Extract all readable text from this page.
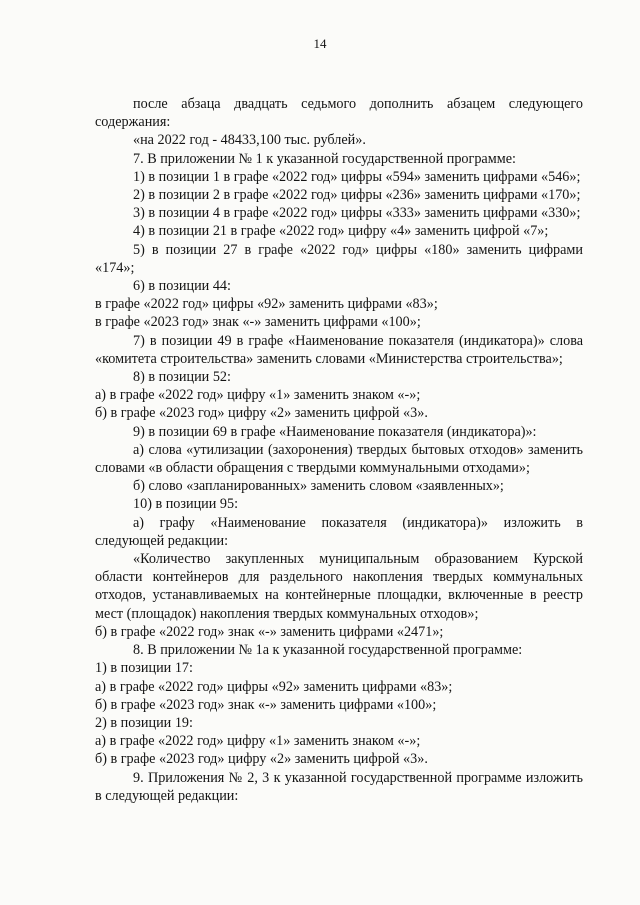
14

после абзаца двадцать седьмого дополнить абзацем следующего содержания:

«на 2022 год - 48433,100 тыс. рублей».

7. В приложении № 1 к указанной государственной программе:

1) в позиции 1 в графе «2022 год» цифры «594» заменить цифрами «546»;

2) в позиции 2 в графе «2022 год» цифры «236» заменить цифрами «170»;

3) в позиции 4 в графе «2022 год» цифры «333» заменить цифрами «330»;

4) в позиции 21 в графе «2022 год» цифру «4» заменить цифрой «7»;

5) в позиции 27 в графе «2022 год» цифры «180» заменить цифрами «174»;

6) в позиции 44:

в графе «2022 год» цифры «92» заменить цифрами «83»;

в графе «2023 год» знак «-» заменить цифрами «100»;

7) в позиции 49 в графе «Наименование показателя (индикатора)» слова «комитета строительства» заменить словами «Министерства строительства»;

8) в позиции 52:

а) в графе «2022 год» цифру «1» заменить знаком «-»;

б) в графе «2023 год» цифру «2» заменить цифрой «3».

9) в позиции 69 в графе «Наименование показателя (индикатора)»:

а) слова «утилизации (захоронения) твердых бытовых отходов» заменить словами «в области обращения с твердыми коммунальными отходами»;

б) слово «запланированных» заменить словом «заявленных»;

10) в позиции 95:

а) графу «Наименование показателя (индикатора)» изложить в следующей редакции:

«Количество закупленных муниципальным образованием Курской области контейнеров для раздельного накопления твердых коммунальных отходов, устанавливаемых на контейнерные площадки, включенные в реестр мест (площадок) накопления твердых коммунальных отходов»;

б) в графе «2022 год» знак «-» заменить цифрами «2471»;

8. В приложении № 1а к указанной государственной программе:

1) в позиции 17:

а) в графе «2022 год» цифры «92» заменить цифрами «83»;

б) в графе «2023 год» знак «-» заменить цифрами «100»;

2) в позиции 19:

а) в графе «2022 год» цифру «1» заменить знаком «-»;

б) в графе «2023 год» цифру «2» заменить цифрой «3».

9. Приложения № 2, 3 к указанной государственной программе изложить в следующей редакции:
